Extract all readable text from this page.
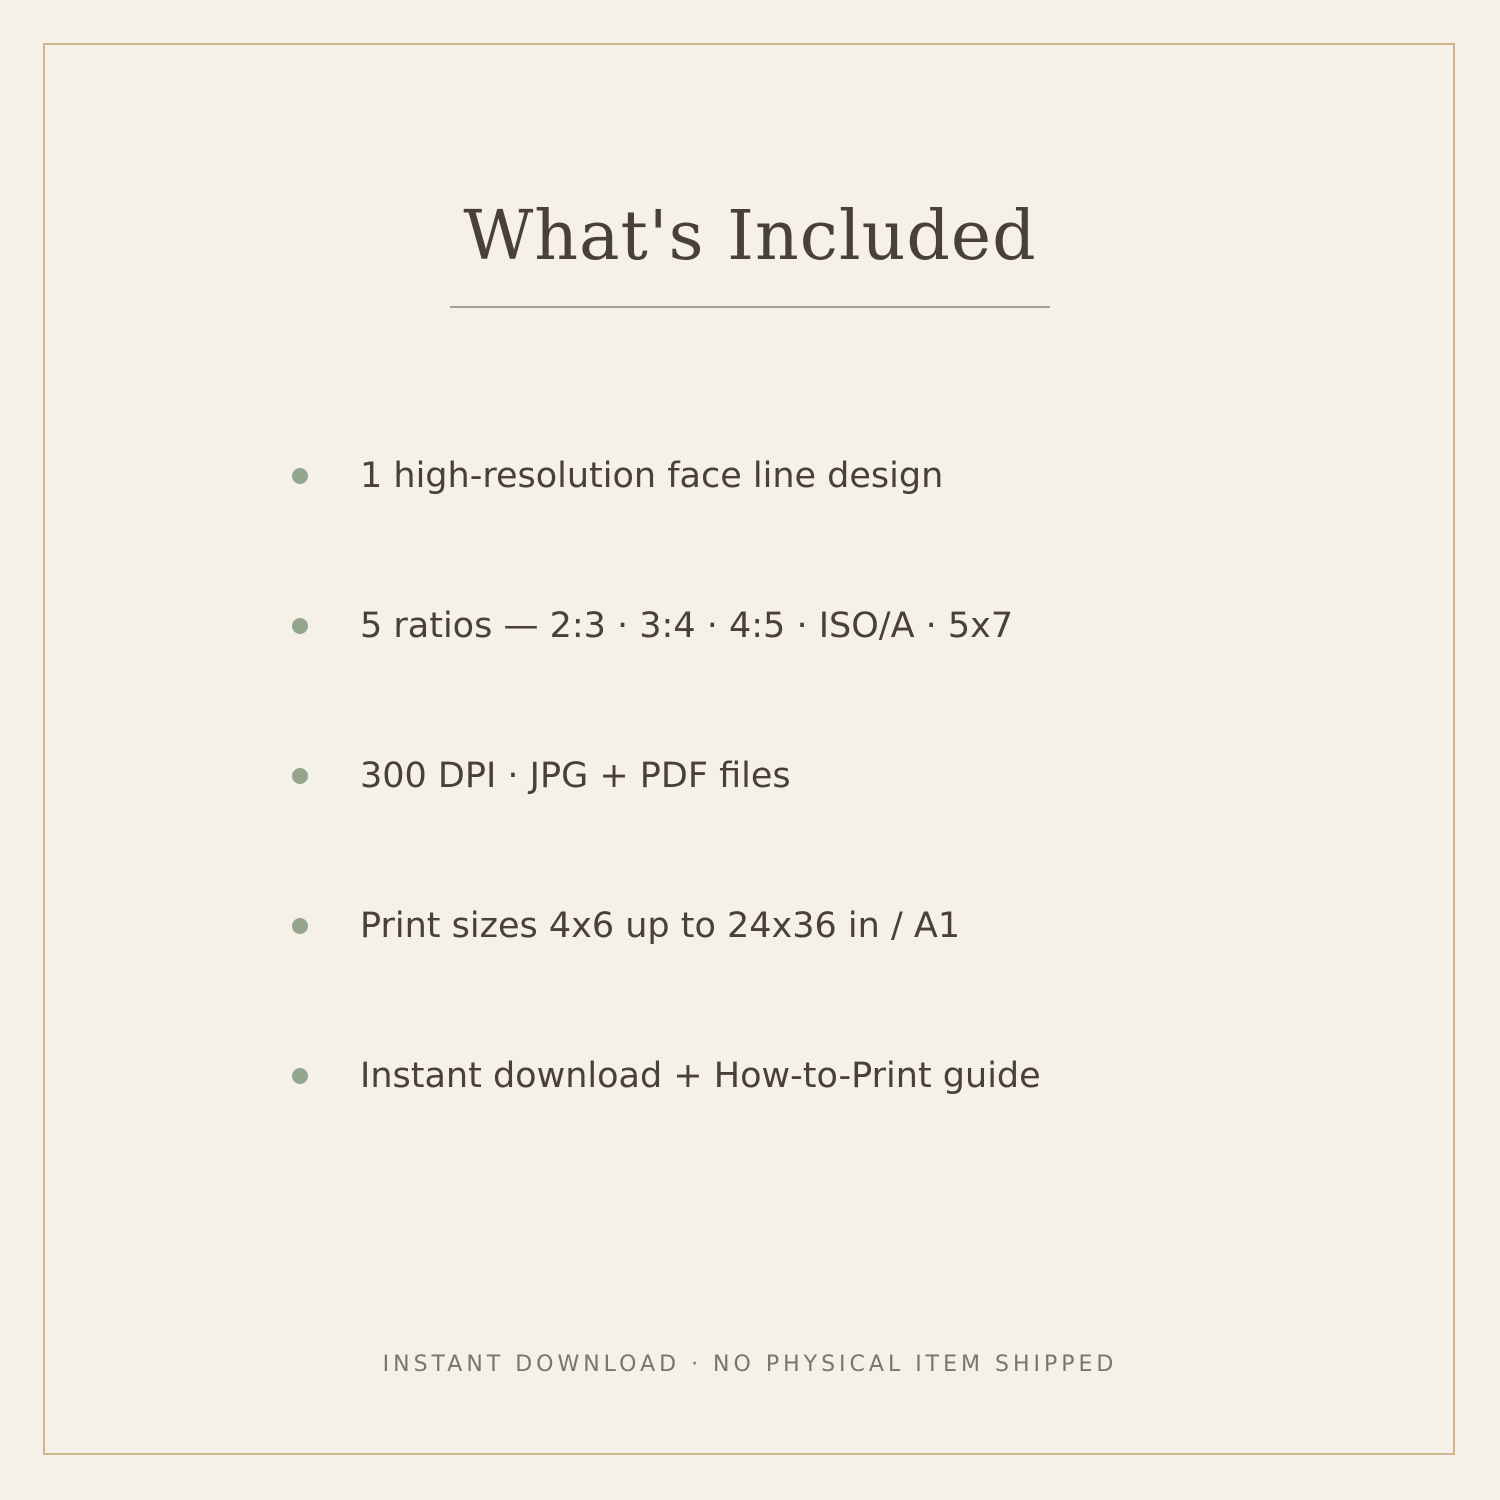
What's Included
1 high-resolution face line design
5 ratios — 2:3 · 3:4 · 4:5 · ISO/A · 5x7
300 DPI · JPG + PDF files
Print sizes 4x6 up to 24x36 in / A1
Instant download + How-to-Print guide
INSTANT DOWNLOAD · NO PHYSICAL ITEM SHIPPED
